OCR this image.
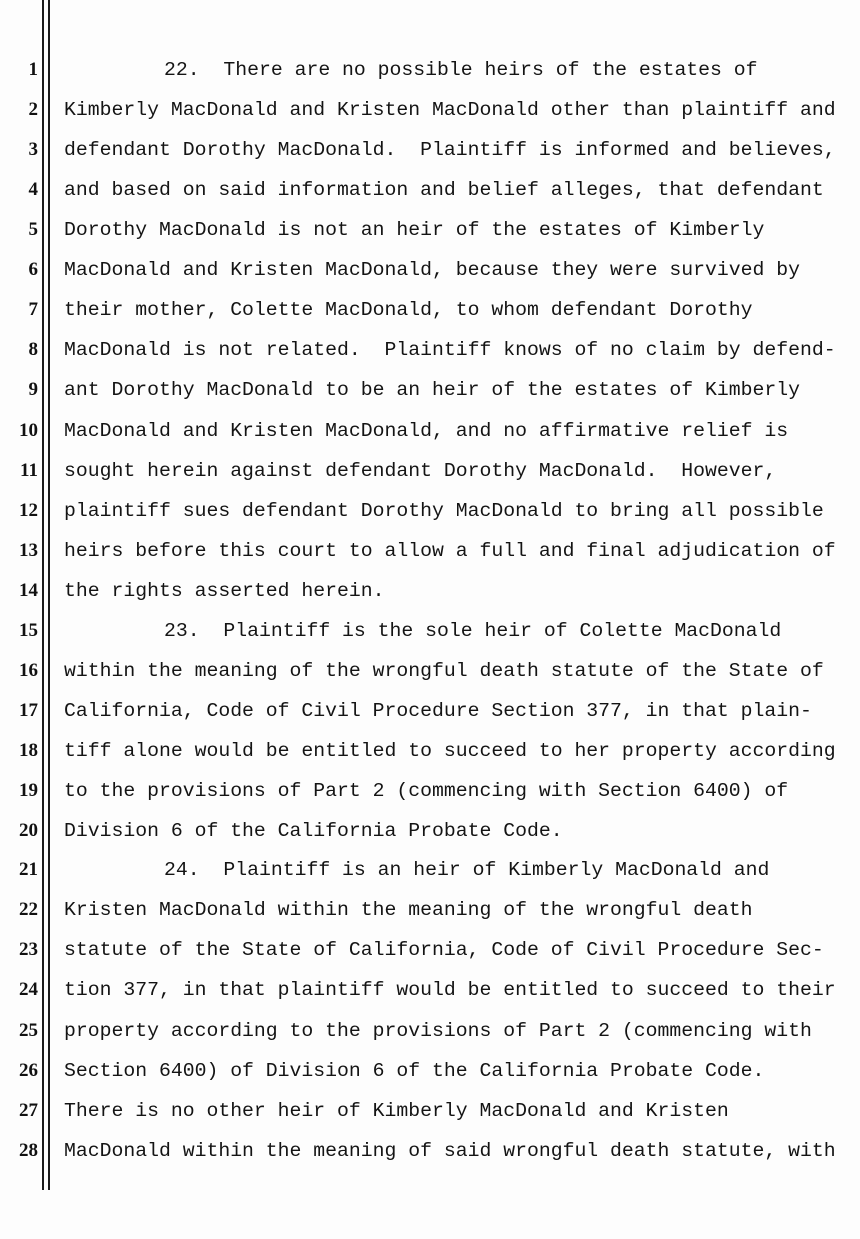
1
2
3
4
5
6
7
8
9
10
11
12
13
14
15
16
17
18
19
20
21
22
23
24
25
26
27
28
22.  There are no possible heirs of the estates of
Kimberly MacDonald and Kristen MacDonald other than plaintiff and
defendant Dorothy MacDonald.  Plaintiff is informed and believes,
and based on said information and belief alleges, that defendant
Dorothy MacDonald is not an heir of the estates of Kimberly
MacDonald and Kristen MacDonald, because they were survived by
their mother, Colette MacDonald, to whom defendant Dorothy
MacDonald is not related.  Plaintiff knows of no claim by defend-
ant Dorothy MacDonald to be an heir of the estates of Kimberly
MacDonald and Kristen MacDonald, and no affirmative relief is
sought herein against defendant Dorothy MacDonald.  However,
plaintiff sues defendant Dorothy MacDonald to bring all possible
heirs before this court to allow a full and final adjudication of
the rights asserted herein.
23.  Plaintiff is the sole heir of Colette MacDonald
within the meaning of the wrongful death statute of the State of
California, Code of Civil Procedure Section 377, in that plain-
tiff alone would be entitled to succeed to her property according
to the provisions of Part 2 (commencing with Section 6400) of
Division 6 of the California Probate Code.
24.  Plaintiff is an heir of Kimberly MacDonald and
Kristen MacDonald within the meaning of the wrongful death
statute of the State of California, Code of Civil Procedure Sec-
tion 377, in that plaintiff would be entitled to succeed to their
property according to the provisions of Part 2 (commencing with
Section 6400) of Division 6 of the California Probate Code.
There is no other heir of Kimberly MacDonald and Kristen
MacDonald within the meaning of said wrongful death statute, with
